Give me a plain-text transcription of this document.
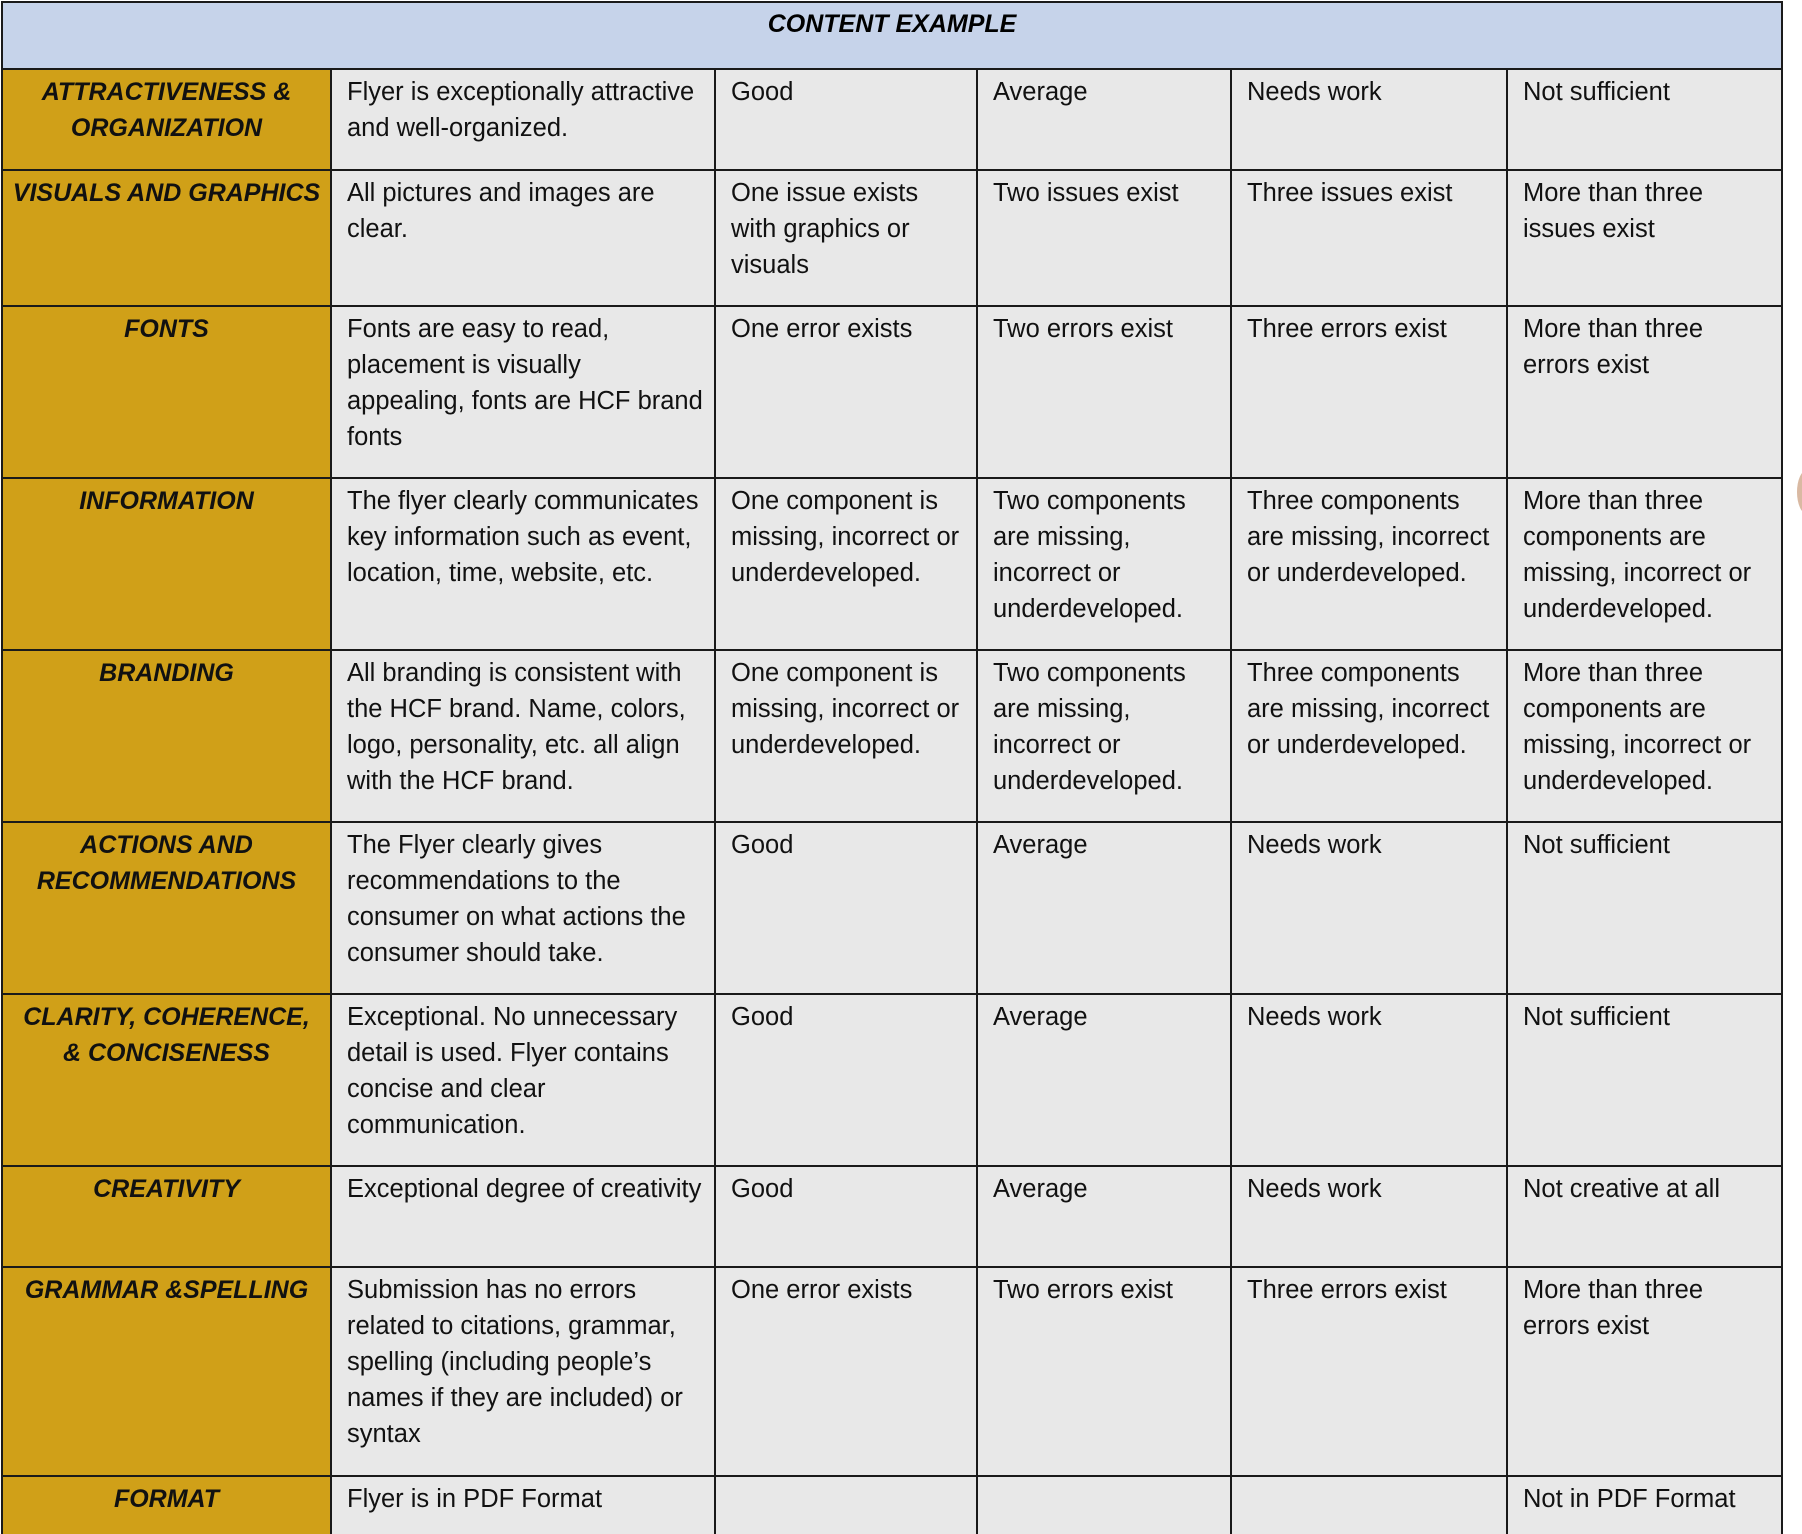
CONTENT EXAMPLE					
ATTRACTIVENESS & ORGANIZATION	Flyer is exceptionally attractive and well-organized.	Good	Average	Needs work	Not sufficient
VISUALS AND GRAPHICS	All pictures and images are clear.	One issue exists with graphics or visuals	Two issues exist	Three issues exist	More than three issues exist
FONTS	Fonts are easy to read, placement is visually appealing, fonts are HCF brand fonts	One error exists	Two errors exist	Three errors exist	More than three errors exist
INFORMATION	The flyer clearly communicates key information such as event, location, time, website, etc.	One component is missing, incorrect or underdeveloped.	Two components are missing, incorrect or underdeveloped.	Three components are missing, incorrect or underdeveloped.	More than three components are missing, incorrect or underdeveloped.
BRANDING	All branding is consistent with the HCF brand. Name, colors, logo, personality, etc. all align with the HCF brand.	One component is missing, incorrect or underdeveloped.	Two components are missing, incorrect or underdeveloped.	Three components are missing, incorrect or underdeveloped.	More than three components are missing, incorrect or underdeveloped.
ACTIONS AND RECOMMENDATIONS	The Flyer clearly gives recommendations to the consumer on what actions the consumer should take.	Good	Average	Needs work	Not sufficient
CLARITY, COHERENCE, & CONCISENESS	Exceptional. No unnecessary detail is used. Flyer contains concise and clear communication.	Good	Average	Needs work	Not sufficient
CREATIVITY	Exceptional degree of creativity	Good	Average	Needs work	Not creative at all
GRAMMAR &SPELLING	Submission has no errors related to citations, grammar, spelling (including people’s names if they are included) or syntax	One error exists	Two errors exist	Three errors exist	More than three errors exist
FORMAT	Flyer is in PDF Format				Not in PDF Format
